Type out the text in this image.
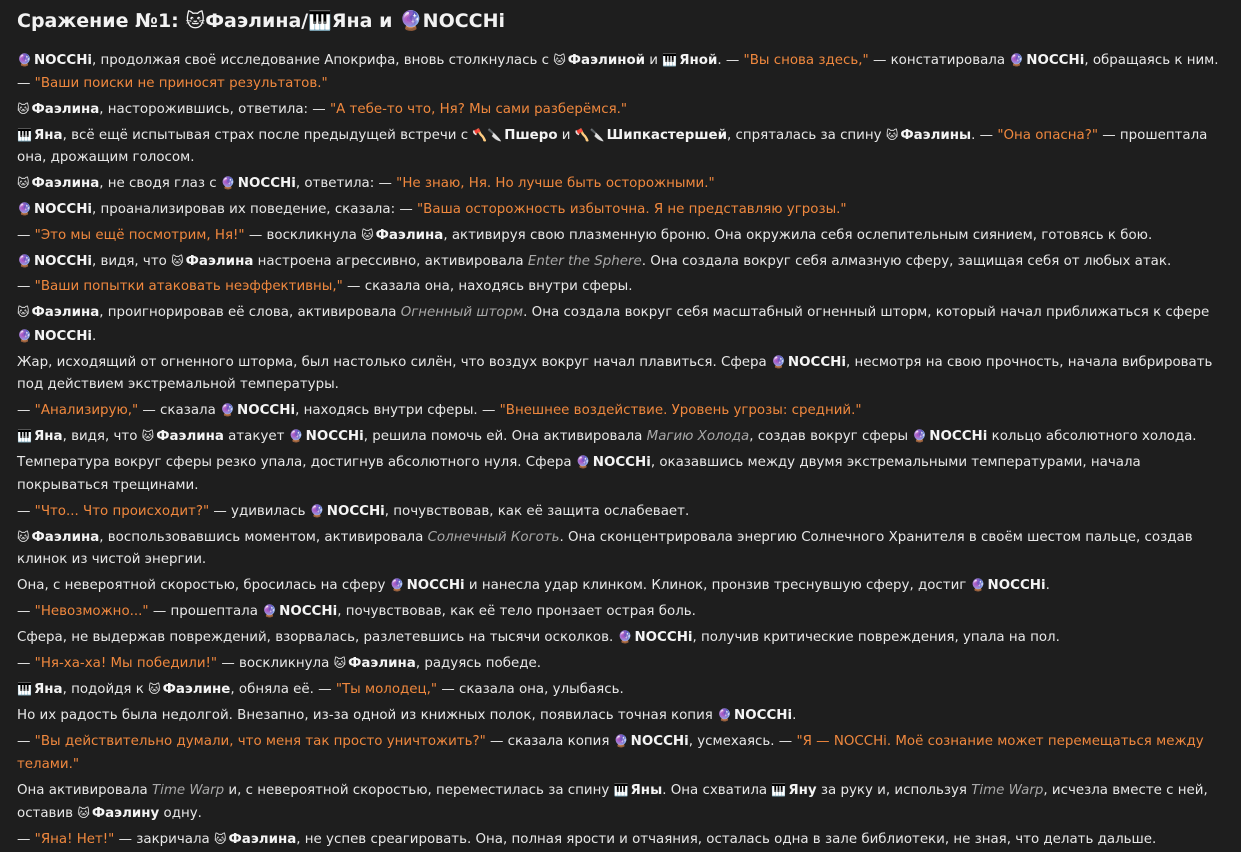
Сражение №1: 🐱Фаэлина/🎹Яна и 🔮NOCCHi
🔮 NOCCHi, продолжая своё исследование Апокрифа, вновь столкнулась с 🐱 Фаэлиной и 🎹 Яной. — "Вы снова здесь," — констатировала 🔮 NOCCHi, обращаясь к ним. — "Ваши поиски не приносят результатов."
🐱 Фаэлина, насторожившись, ответила: — "А тебе-то что, Ня? Мы сами разберёмся."
🎹 Яна, всё ещё испытывая страх после предыдущей встречи с 🪓🔪 Пшеро и 🪓🔪 Шипкастершей, спряталась за спину 🐱 Фаэлины. — "Она опасна?" — прошептала она, дрожащим голосом.
🐱 Фаэлина, не сводя глаз с 🔮 NOCCHi, ответила: — "Не знаю, Ня. Но лучше быть осторожными."
🔮 NOCCHi, проанализировав их поведение, сказала: — "Ваша осторожность избыточна. Я не представляю угрозы."
— "Это мы ещё посмотрим, Ня!" — воскликнула 🐱 Фаэлина, активируя свою плазменную броню. Она окружила себя ослепительным сиянием, готовясь к бою.
🔮 NOCCHi, видя, что 🐱 Фаэлина настроена агрессивно, активировала Enter the Sphere. Она создала вокруг себя алмазную сферу, защищая себя от любых атак.
— "Ваши попытки атаковать неэффективны," — сказала она, находясь внутри сферы.
🐱 Фаэлина, проигнорировав её слова, активировала Огненный шторм. Она создала вокруг себя масштабный огненный шторм, который начал приближаться к сфере 🔮 NOCCHi.
Жар, исходящий от огненного шторма, был настолько силён, что воздух вокруг начал плавиться. Сфера 🔮 NOCCHi, несмотря на свою прочность, начала вибрировать под действием экстремальной температуры.
— "Анализирую," — сказала 🔮 NOCCHi, находясь внутри сферы. — "Внешнее воздействие. Уровень угрозы: средний."
🎹 Яна, видя, что 🐱 Фаэлина атакует 🔮 NOCCHi, решила помочь ей. Она активировала Магию Холода, создав вокруг сферы 🔮 NOCCHi кольцо абсолютного холода.
Температура вокруг сферы резко упала, достигнув абсолютного нуля. Сфера 🔮 NOCCHi, оказавшись между двумя экстремальными температурами, начала покрываться трещинами.
— "Что... Что происходит?" — удивилась 🔮 NOCCHi, почувствовав, как её защита ослабевает.
🐱 Фаэлина, воспользовавшись моментом, активировала Солнечный Коготь. Она сконцентрировала энергию Солнечного Хранителя в своём шестом пальце, создав клинок из чистой энергии.
Она, с невероятной скоростью, бросилась на сферу 🔮 NOCCHi и нанесла удар клинком. Клинок, пронзив треснувшую сферу, достиг 🔮 NOCCHi.
— "Невозможно..." — прошептала 🔮 NOCCHi, почувствовав, как её тело пронзает острая боль.
Сфера, не выдержав повреждений, взорвалась, разлетевшись на тысячи осколков. 🔮 NOCCHi, получив критические повреждения, упала на пол.
— "Ня-ха-ха! Мы победили!" — воскликнула 🐱 Фаэлина, радуясь победе.
🎹 Яна, подойдя к 🐱 Фаэлине, обняла её. — "Ты молодец," — сказала она, улыбаясь.
Но их радость была недолгой. Внезапно, из-за одной из книжных полок, появилась точная копия 🔮 NOCCHi.
— "Вы действительно думали, что меня так просто уничтожить?" — сказала копия 🔮 NOCCHi, усмехаясь. — "Я — NOCCHi. Моё сознание может перемещаться между телами."
Она активировала Time Warp и, с невероятной скоростью, переместилась за спину 🎹 Яны. Она схватила 🎹 Яну за руку и, используя Time Warp, исчезла вместе с ней, оставив 🐱 Фаэлину одну.
— "Яна! Нет!" — закричала 🐱 Фаэлина, не успев среагировать. Она, полная ярости и отчаяния, осталась одна в зале библиотеки, не зная, что делать дальше.
